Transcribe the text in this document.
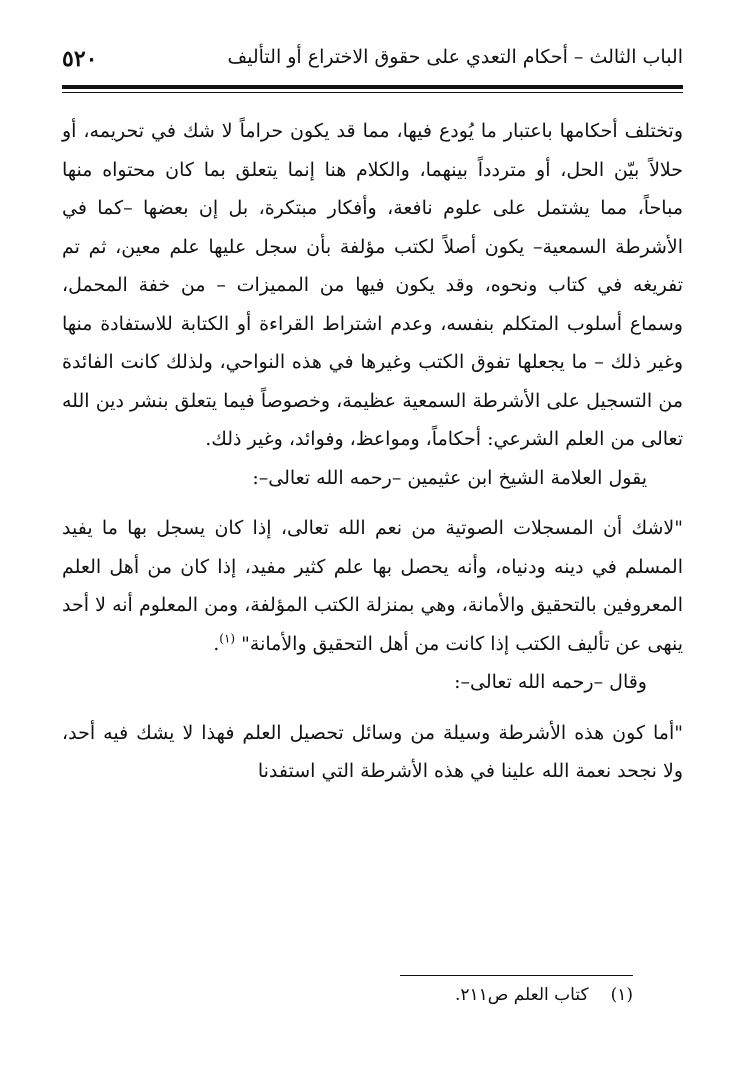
الباب الثالث – أحكام التعدي على حقوق الاختراع أو التأليف
٥٢٠

وتختلف أحكامها باعتبار ما يُودع فيها، مما قد يكون حراماً لا شك في تحريمه، أو حلالاً بيّن الحل، أو متردداً بينهما، والكلام هنا إنما يتعلق بما كان محتواه منها مباحاً، مما يشتمل على علوم نافعة، وأفكار مبتكرة، بل إن بعضها –كما في الأشرطة السمعية– يكون أصلاً لكتب مؤلفة بأن سجل عليها علم معين، ثم تم تفريغه في كتاب ونحوه، وقد يكون فيها من المميزات – من خفة المحمل، وسماع أسلوب المتكلم بنفسه، وعدم اشتراط القراءة أو الكتابة للاستفادة منها وغير ذلك – ما يجعلها تفوق الكتب وغيرها في هذه النواحي، ولذلك كانت الفائدة من التسجيل على الأشرطة السمعية عظيمة، وخصوصاً فيما يتعلق بنشر دين الله تعالى من العلم الشرعي: أحكاماً، ومواعظ، وفوائد، وغير ذلك.

يقول العلامة الشيخ ابن عثيمين –رحمه الله تعالى–:

"لاشك أن المسجلات الصوتية من نعم الله تعالى، إذا كان يسجل بها ما يفيد المسلم في دينه ودنياه، وأنه يحصل بها علم كثير مفيد، إذا كان من أهل العلم المعروفين بالتحقيق والأمانة، وهي بمنزلة الكتب المؤلفة، ومن المعلوم أنه لا أحد ينهى عن تأليف الكتب إذا كانت من أهل التحقيق والأمانة" $^{(١)}$.

وقال –رحمه الله تعالى–:

"أما كون هذه الأشرطة وسيلة من وسائل تحصيل العلم فهذا لا يشك فيه أحد، ولا نجحد نعمة الله علينا في هذه الأشرطة التي استفدنا

(١)كتاب العلم ص٢١١.
